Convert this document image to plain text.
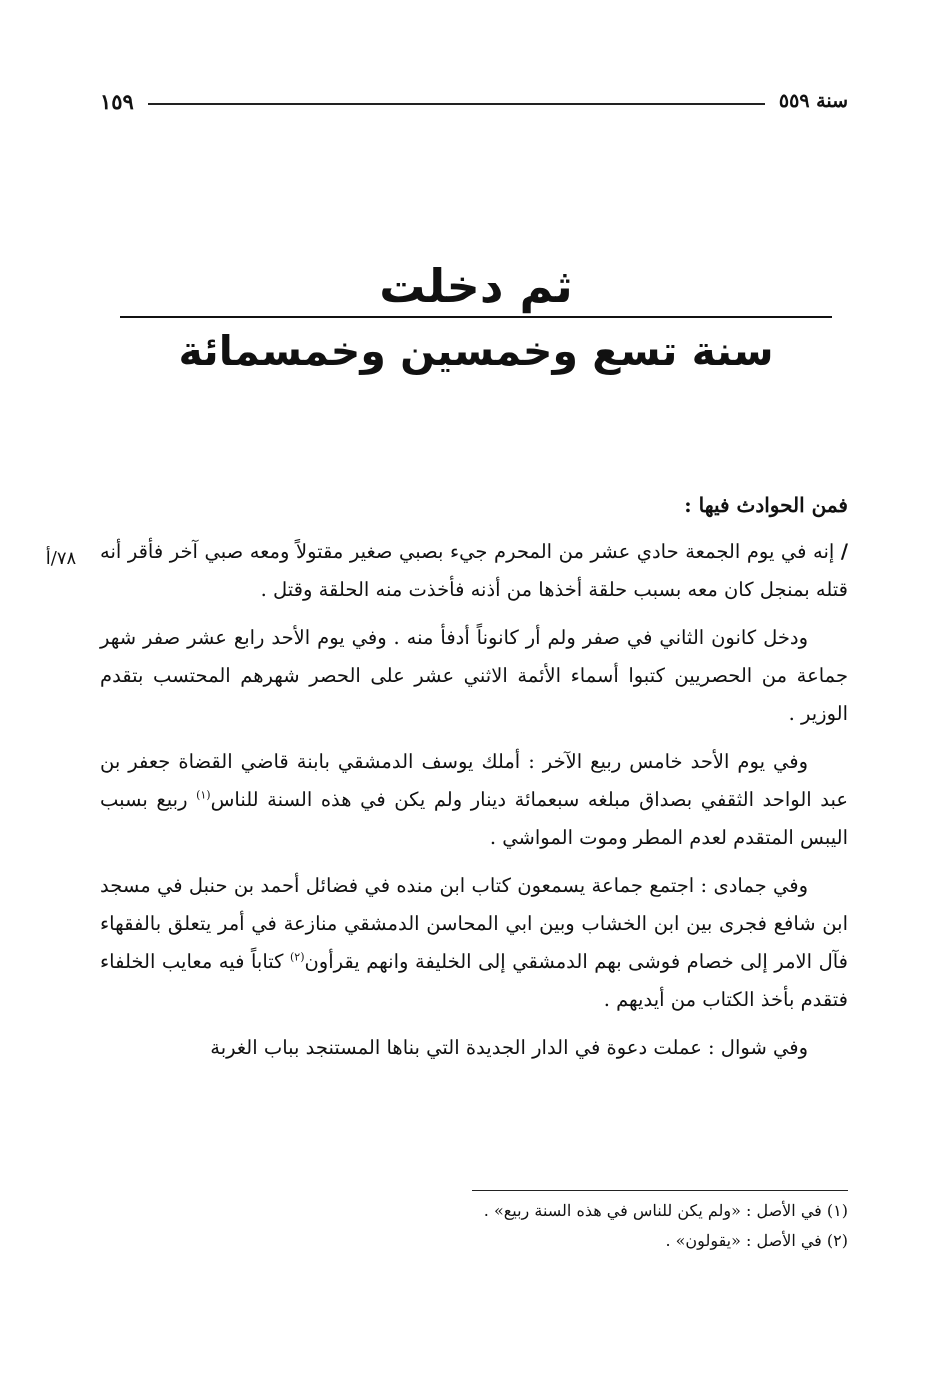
سنة ٥٥٩
١٥٩
ثم دخلت
سنة تسع وخمسين وخمسمائة
٧٨/أ
فمن الحوادث فيها :

/ إنه في يوم الجمعة حادي عشر من المحرم جيء بصبي صغير مقتولاً ومعه صبي آخر فأقر أنه قتله بمنجل كان معه بسبب حلقة أخذها من أذنه فأخذت منه الحلقة وقتل .

ودخل كانون الثاني في صفر ولم أر كانوناً أدفأ منه . وفي يوم الأحد رابع عشر صفر شهر جماعة من الحصريين كتبوا أسماء الأئمة الاثني عشر على الحصر شهرهم المحتسب بتقدم الوزير .

وفي يوم الأحد خامس ربيع الآخر : أملك يوسف الدمشقي بابنة قاضي القضاة جعفر بن عبد الواحد الثقفي بصداق مبلغه سبعمائة دينار ولم يكن في هذه السنة للناس$^{(١)}$ ربيع بسبب اليبس المتقدم لعدم المطر وموت المواشي .

وفي جمادى : اجتمع جماعة يسمعون كتاب ابن منده في فضائل أحمد بن حنبل في مسجد ابن شافع فجرى بين ابن الخشاب وبين ابي المحاسن الدمشقي منازعة في أمر يتعلق بالفقهاء فآل الامر إلى خصام فوشى بهم الدمشقي إلى الخليفة وانهم يقرأون$^{(٢)}$ كتاباً فيه معايب الخلفاء فتقدم بأخذ الكتاب من أيديهم .

وفي شوال : عملت دعوة في الدار الجديدة التي بناها المستنجد بباب الغربة

(١) في الأصل : «ولم يكن للناس في هذه السنة ربيع» .
(٢) في الأصل : «يقولون» .
